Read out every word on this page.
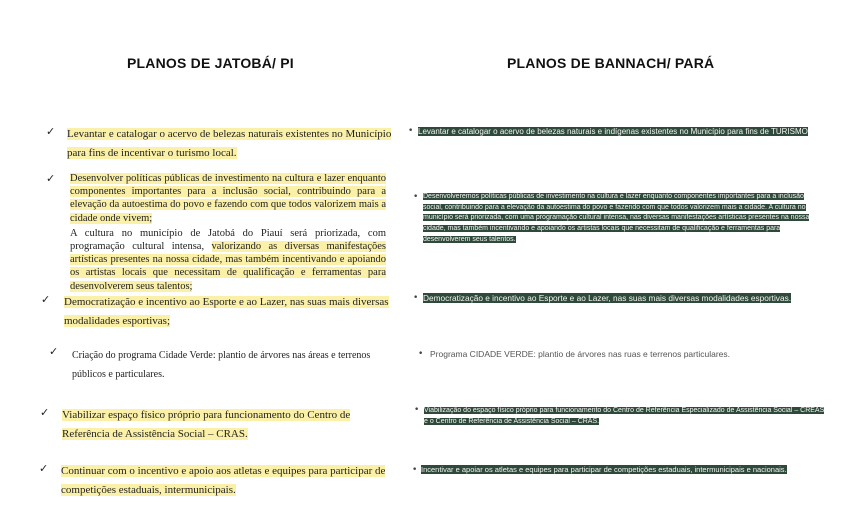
PLANOS DE JATOBÁ/ PI	PLANOS DE BANNACH/ PARÁ
✓ Levantar e catalogar o acervo de belezas naturais existentes no Município para fins de incentivar o turismo local.
✓ Desenvolver políticas públicas de investimento na cultura e lazer enquanto componentes importantes para a inclusão social, contribuindo para a elevação da autoestima do povo e fazendo com que todos valorizem mais a cidade onde vivem;
A cultura no município de Jatobá do Piauí será priorizada, com programação cultural intensa, valorizando as diversas manifestações artísticas presentes na nossa cidade, mas também incentivando e apoiando os artistas locais que necessitam de qualificação e ferramentas para desenvolverem seus talentos;
✓ Democratização e incentivo ao Esporte e ao Lazer, nas suas mais diversas modalidades esportivas;
✓ Criação do programa Cidade Verde: plantio de árvores nas áreas e terrenos públicos e particulares.
✓ Viabilizar espaço físico próprio para funcionamento do Centro de Referência de Assistência Social – CRAS.
✓ Continuar com o incentivo e apoio aos atletas e equipes para participar de competições estaduais, intermunicipais.
• Levantar e catalogar o acervo de belezas naturais e indígenas existentes no Município para fins de TURISMO
• Desenvolveremos políticas públicas de investimento na cultura e lazer enquanto componentes importantes para a inclusão social, contribuindo para a elevação da autoestima do povo e fazendo com que todos valorizem mais a cidade. A cultura no município será priorizada, com uma programação cultural intensa, nas diversas manifestações artísticas presentes na nossa cidade, mas também incentivando e apoiando os artistas locais que necessitam de qualificação e ferramentas para desenvolverem seus talentos.
• Democratização e incentivo ao Esporte e ao Lazer, nas suas mais diversas modalidades esportivas.
• Programa CIDADE VERDE: plantio de árvores nas ruas e terrenos particulares.
• Viabilização do espaço físico próprio para funcionamento do Centro de Referência Especializado de Assistência Social – CREAS e o Centro de Referência de Assistência Social – CRAS.
• Incentivar e apoiar os atletas e equipes para participar de competições estaduais, intermunicipais e nacionais.
